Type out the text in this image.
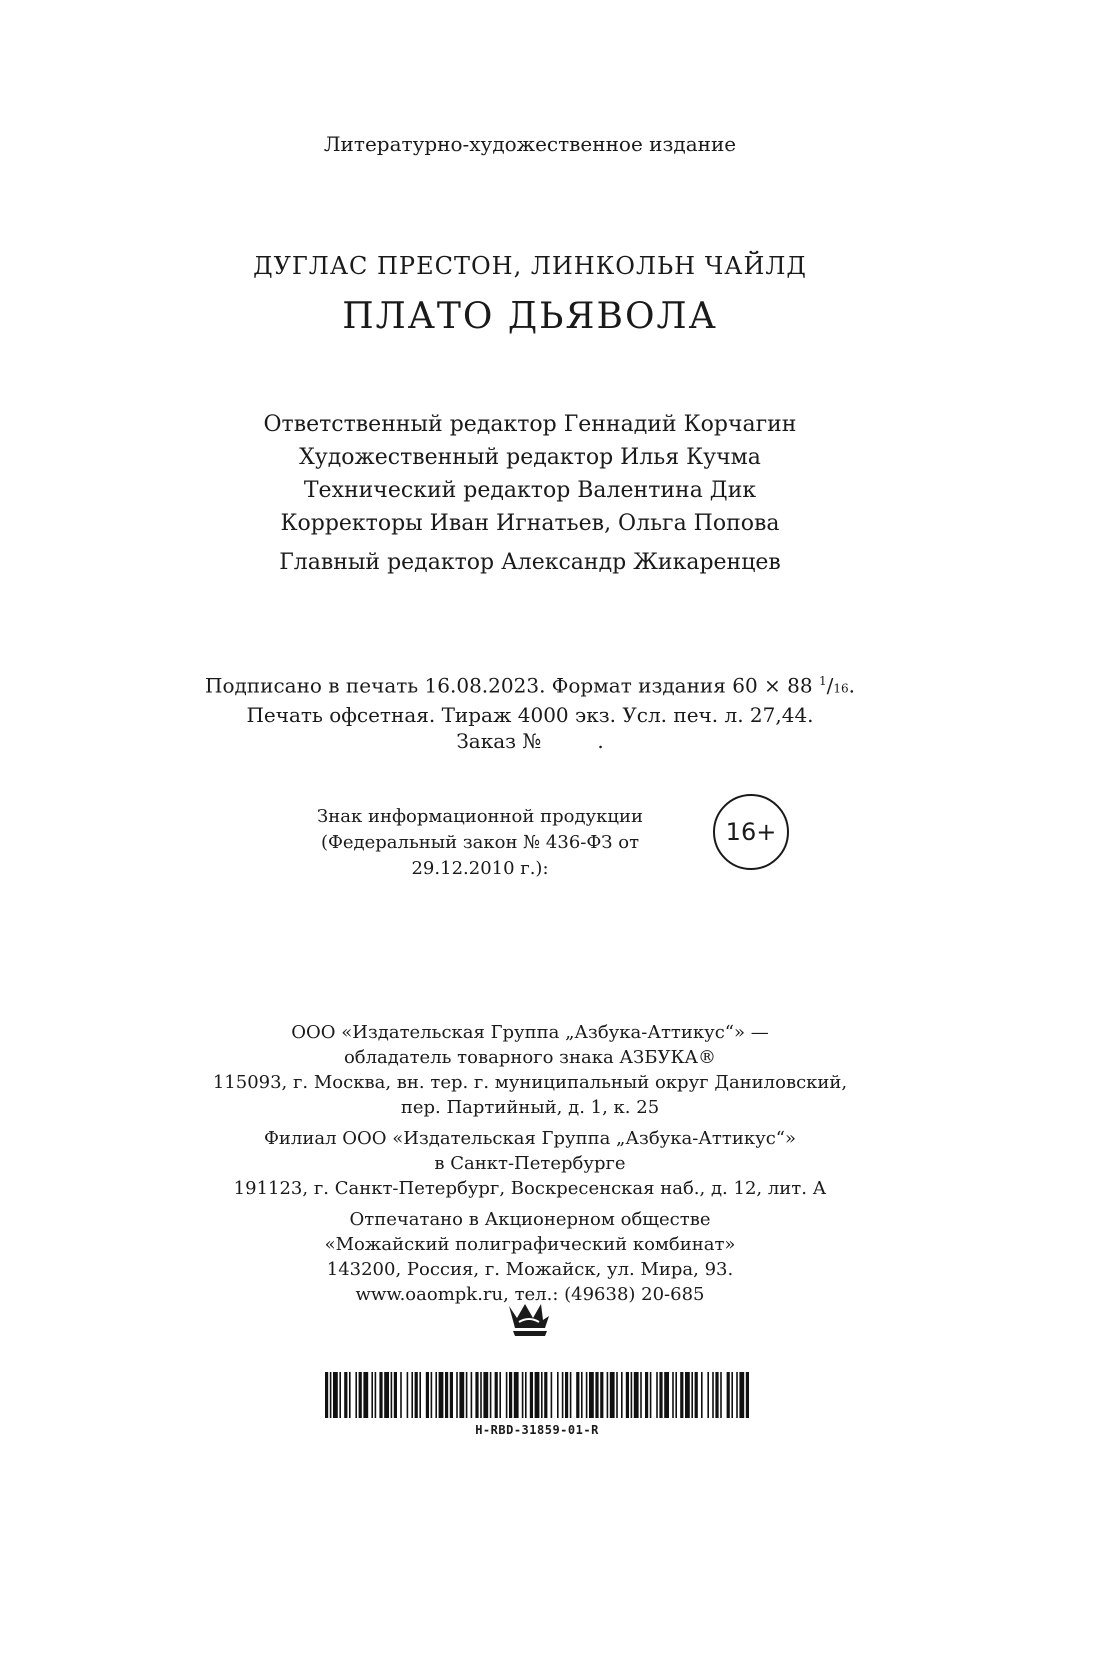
Литературно-художественное издание
ДУГЛАС ПРЕСТОН, ЛИНКОЛЬН ЧАЙЛД
ПЛАТО ДЬЯВОЛА
Ответственный редактор Геннадий Корчагин
Художественный редактор Илья Кучма
Технический редактор Валентина Дик
Корректоры Иван Игнатьев, Ольга Попова
Главный редактор Александр Жикаренцев
Подписано в печать 16.08.2023. Формат издания 60 × 88 $^1$/16.
Печать офсетная. Тираж 4000 экз. Усл. печ. л. 27,44.
Заказ №	.
Знак информационной продукции
(Федеральный закон № 436-ФЗ от 29.12.2010 г.):
16+
ООО «Издательская Группа „Азбука-Аттикус“» —
обладатель товарного знака АЗБУКА®
115093, г. Москва, вн. тер. г. муниципальный округ Даниловский,
пер. Партийный, д. 1, к. 25
Филиал ООО «Издательская Группа „Азбука-Аттикус“»
в Санкт-Петербурге
191123, г. Санкт-Петербург, Воскресенская наб., д. 12, лит. А
Отпечатано в Акционерном обществе
«Можайский полиграфический комбинат»
143200, Россия, г. Можайск, ул. Мира, 93.
www.oaompk.ru, тел.: (49638) 20-685
H-RBD-31859-01-R
